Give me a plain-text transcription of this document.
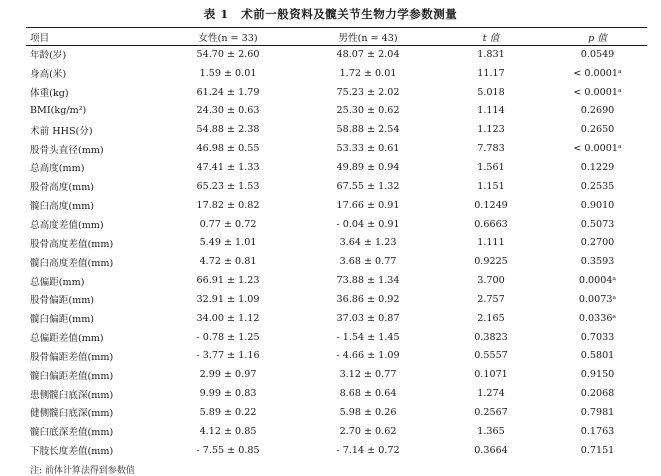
表 1 术前一般资料及髋关节生物力学参数测量
项目	女性(n = 33)	男性(n = 43)	t 值	p 值
年龄(岁)	54.70 ± 2.60	48.07 ± 2.04	1.831	0.0549
身高(米)	1.59 ± 0.01	1.72 ± 0.01	11.17	< 0.0001ᵃ
体重(kg)	61.24 ± 1.79	75.23 ± 2.02	5.018	< 0.0001ᵃ
BMI(kg/m²)	24.30 ± 0.63	25.30 ± 0.62	1.114	0.2690
术前 HHS(分)	54.88 ± 2.38	58.88 ± 2.54	1.123	0.2650
股骨头直径(mm)	46.98 ± 0.55	53.33 ± 0.61	7.783	< 0.0001ᵃ
总高度(mm)	47.41 ± 1.33	49.89 ± 0.94	1.561	0.1229
股骨高度(mm)	65.23 ± 1.53	67.55 ± 1.32	1.151	0.2535
髋臼高度(mm)	17.82 ± 0.82	17.66 ± 0.91	0.1249	0.9010
总高度差值(mm)	0.77 ± 0.72	- 0.04 ± 0.91	0.6663	0.5073
股骨高度差值(mm)	5.49 ± 1.01	3.64 ± 1.23	1.111	0.2700
髋臼高度差值(mm)	4.72 ± 0.81	3.68 ± 0.77	0.9225	0.3593
总偏距(mm)	66.91 ± 1.23	73.88 ± 1.34	3.700	0.0004ᵃ
股骨偏距(mm)	32.91 ± 1.09	36.86 ± 0.92	2.757	0.0073ᵃ
髋臼偏距(mm)	34.00 ± 1.12	37.03 ± 0.87	2.165	0.0336ᵃ
总偏距差值(mm)	- 0.78 ± 1.25	- 1.54 ± 1.45	0.3823	0.7033
股骨偏距差值(mm)	- 3.77 ± 1.16	- 4.66 ± 1.09	0.5557	0.5801
髋臼偏距差值(mm)	2.99 ± 0.97	3.12 ± 0.77	0.1071	0.9150
患侧髋臼底深(mm)	9.99 ± 0.83	8.68 ± 0.64	1.274	0.2068
健侧髋臼底深(mm)	5.89 ± 0.22	5.98 ± 0.26	0.2567	0.7981
髋臼底深差值(mm)	4.12 ± 0.85	2.70 ± 0.62	1.365	0.1763
下肢长度差值(mm)	- 7.55 ± 0.85	- 7.14 ± 0.72	0.3664	0.7151
注: 前体计算法得到参数值
